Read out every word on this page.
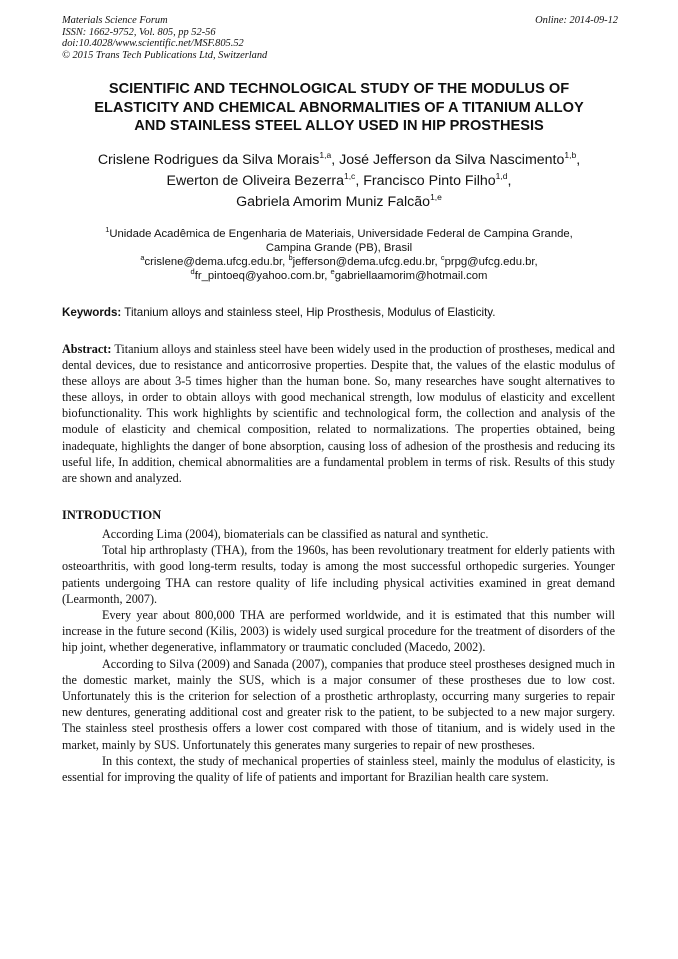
Materials Science Forum
ISSN: 1662-9752, Vol. 805, pp 52-56
doi:10.4028/www.scientific.net/MSF.805.52
© 2015 Trans Tech Publications Ltd, Switzerland
Online: 2014-09-12
SCIENTIFIC AND TECHNOLOGICAL STUDY OF THE MODULUS OF
ELASTICITY AND CHEMICAL ABNORMALITIES OF A TITANIUM ALLOY
AND STAINLESS STEEL ALLOY USED IN HIP PROSTHESIS
Crislene Rodrigues da Silva Morais$^{1,a}$, José Jefferson da Silva Nascimento$^{1,b}$,
Ewerton de Oliveira Bezerra$^{1,c}$, Francisco Pinto Filho$^{1,d}$,
Gabriela Amorim Muniz Falcão$^{1,e}$
$^1$Unidade Acadêmica de Engenharia de Materiais, Universidade Federal de Campina Grande,
Campina Grande (PB), Brasil
$^a$crislene@dema.ufcg.edu.br, $^b$jefferson@dema.ufcg.edu.br, $^c$prpg@ufcg.edu.br,
$^d$fr_pintoeq@yahoo.com.br, $^e$gabriellaamorim@hotmail.com
Keywords: Titanium alloys and stainless steel, Hip Prosthesis, Modulus of Elasticity.
Abstract: Titanium alloys and stainless steel have been widely used in the production of prostheses, medical and dental devices, due to resistance and anticorrosive properties. Despite that, the values of the elastic modulus of these alloys are about 3-5 times higher than the human bone. So, many researches have sought alternatives to these alloys, in order to obtain alloys with good mechanical strength, low modulus of elasticity and excellent biofunctionality. This work highlights by scientific and technological form, the collection and analysis of the module of elasticity and chemical composition, related to normalizations. The properties obtained, being inadequate, highlights the danger of bone absorption, causing loss of adhesion of the prosthesis and reducing its useful life, In addition, chemical abnormalities are a fundamental problem in terms of risk. Results of this study are shown and analyzed.
INTRODUCTION

According Lima (2004), biomaterials can be classified as natural and synthetic.

Total hip arthroplasty (THA), from the 1960s, has been revolutionary treatment for elderly patients with osteoarthritis, with good long-term results, today is among the most successful orthopedic surgeries. Younger patients undergoing THA can restore quality of life including physical activities examined in great demand (Learmonth, 2007).

Every year about 800,000 THA are performed worldwide, and it is estimated that this number will increase in the future second (Kilis, 2003) is widely used surgical procedure for the treatment of disorders of the hip joint, whether degenerative, inflammatory or traumatic concluded (Macedo, 2002).

According to Silva (2009) and Sanada (2007), companies that produce steel prostheses designed much in the domestic market, mainly the SUS, which is a major consumer of these prostheses due to low cost. Unfortunately this is the criterion for selection of a prosthetic arthroplasty, occurring many surgeries to repair new dentures, generating additional cost and greater risk to the patient, to be subjected to a new major surgery. The stainless steel prosthesis offers a lower cost compared with those of titanium, and is widely used in the market, mainly by SUS. Unfortunately this generates many surgeries to repair of new prostheses.

In this context, the study of mechanical properties of stainless steel, mainly the modulus of elasticity, is essential for improving the quality of life of patients and important for Brazilian health care system.
